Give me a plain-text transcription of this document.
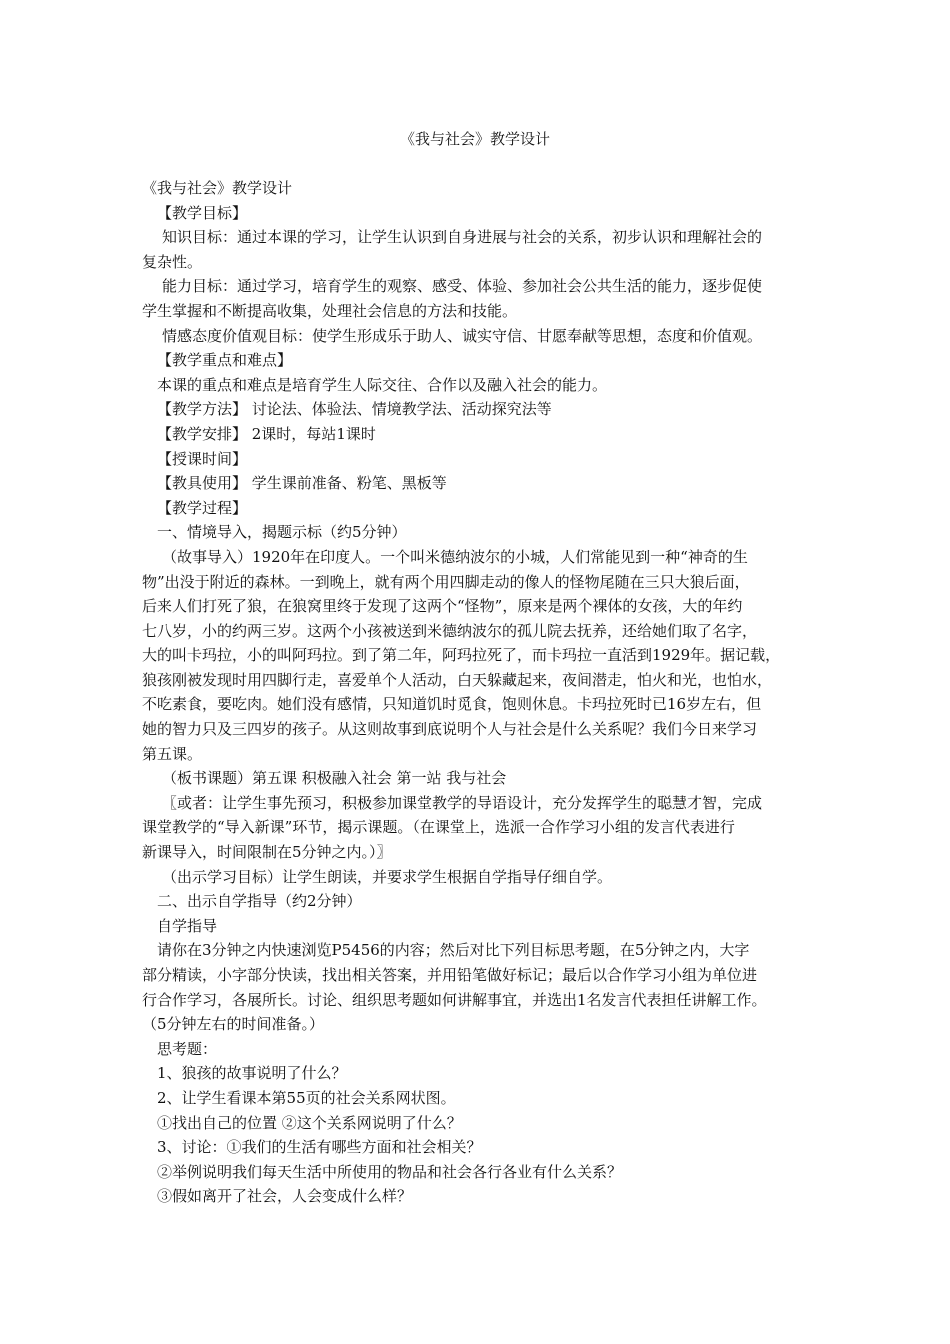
《我与社会》教学设计
《我与社会》教学设计
【教学目标】
知识目标：通过本课的学习，让学生认识到自身进展与社会的关系，初步认识和理解社会的
复杂性。
能力目标：通过学习，培育学生的观察、感受、体验、参加社会公共生活的能力，逐步促使
学生掌握和不断提高收集，处理社会信息的方法和技能。
情感态度价值观目标：使学生形成乐于助人、诚实守信、甘愿奉献等思想，态度和价值观。
【教学重点和难点】
本课的重点和难点是培育学生人际交往、合作以及融入社会的能力。
【教学方法】 讨论法、体验法、情境教学法、活动探究法等
【教学安排】 2课时，每站1课时
【授课时间】
【教具使用】 学生课前准备、粉笔、黑板等
【教学过程】
一、情境导入，揭题示标（约5分钟）
（故事导入）1920年在印度人。一个叫米德纳波尔的小城，人们常能见到一种“神奇的生
物”出没于附近的森林。一到晚上，就有两个用四脚走动的像人的怪物尾随在三只大狼后面，
后来人们打死了狼，在狼窝里终于发现了这两个“怪物”，原来是两个裸体的女孩，大的年约
七八岁，小的约两三岁。这两个小孩被送到米德纳波尔的孤儿院去抚养，还给她们取了名字，
大的叫卡玛拉，小的叫阿玛拉。到了第二年，阿玛拉死了，而卡玛拉一直活到1929年。据记载，
狼孩刚被发现时用四脚行走，喜爱单个人活动，白天躲藏起来，夜间潜走，怕火和光，也怕水，
不吃素食，要吃肉。她们没有感情，只知道饥时觅食，饱则休息。卡玛拉死时已16岁左右，但
她的智力只及三四岁的孩子。从这则故事到底说明个人与社会是什么关系呢？我们今日来学习
第五课。
（板书课题）第五课 积极融入社会 第一站 我与社会
〖或者：让学生事先预习，积极参加课堂教学的导语设计，充分发挥学生的聪慧才智，完成
课堂教学的“导入新课”环节，揭示课题。（在课堂上，选派一合作学习小组的发言代表进行
新课导入，时间限制在5分钟之内。）〗
（出示学习目标）让学生朗读，并要求学生根据自学指导仔细自学。
二、出示自学指导（约2分钟）
自学指导
请你在3分钟之内快速浏览P5456的内容；然后对比下列目标思考题，在5分钟之内，大字
部分精读，小字部分快读，找出相关答案，并用铅笔做好标记；最后以合作学习小组为单位进
行合作学习，各展所长。讨论、组织思考题如何讲解事宜，并选出1名发言代表担任讲解工作。
（5分钟左右的时间准备。）
思考题：
1、狼孩的故事说明了什么？
2、让学生看课本第55页的社会关系网状图。
①找出自己的位置 ②这个关系网说明了什么？
3、讨论：①我们的生活有哪些方面和社会相关？
②举例说明我们每天生活中所使用的物品和社会各行各业有什么关系？
③假如离开了社会，人会变成什么样？
